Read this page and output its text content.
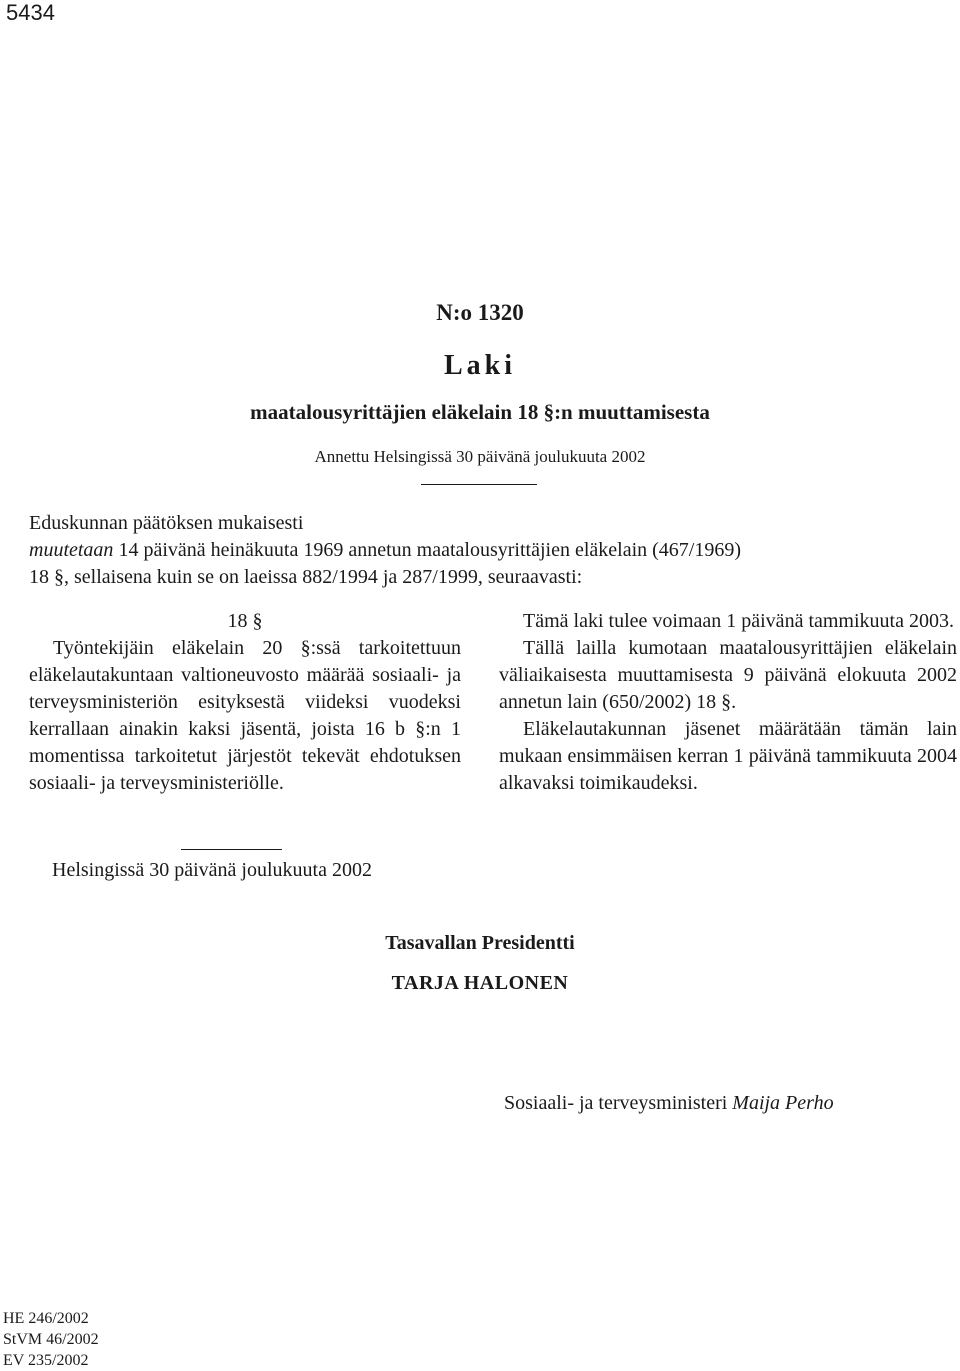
5434
N:o 1320
Laki
maatalousyrittäjien eläkelain 18 §:n muuttamisesta
Annettu Helsingissä 30 päivänä joulukuuta 2002

Eduskunnan päätöksen mukaisesti

muutetaan 14 päivänä heinäkuuta 1969 annetun maatalousyrittäjien eläkelain (467/1969)

18 §, sellaisena kuin se on laeissa 882/1994 ja 287/1999, seuraavasti:

18 §

Työntekijäin eläkelain 20 §:ssä tarkoitettuun eläkelautakuntaan valtioneuvosto määrää sosiaali- ja terveysministeriön esityksestä viideksi vuodeksi kerrallaan ainakin kaksi jäsentä, joista 16 b §:n 1 momentissa tarkoitetut järjestöt tekevät ehdotuksen sosiaali- ja terveysministeriölle.

Tämä laki tulee voimaan 1 päivänä tammikuuta 2003.

Tällä lailla kumotaan maatalousyrittäjien eläkelain väliaikaisesta muuttamisesta 9 päivänä elokuuta 2002 annetun lain (650/2002) 18 §.

Eläkelautakunnan jäsenet määrätään tämän lain mukaan ensimmäisen kerran 1 päivänä tammikuuta 2004 alkavaksi toimikaudeksi.

Helsingissä 30 päivänä joulukuuta 2002
Tasavallan Presidentti
TARJA HALONEN
Sosiaali- ja terveysministeri Maija Perho
HE 246/2002
StVM 46/2002
EV 235/2002
